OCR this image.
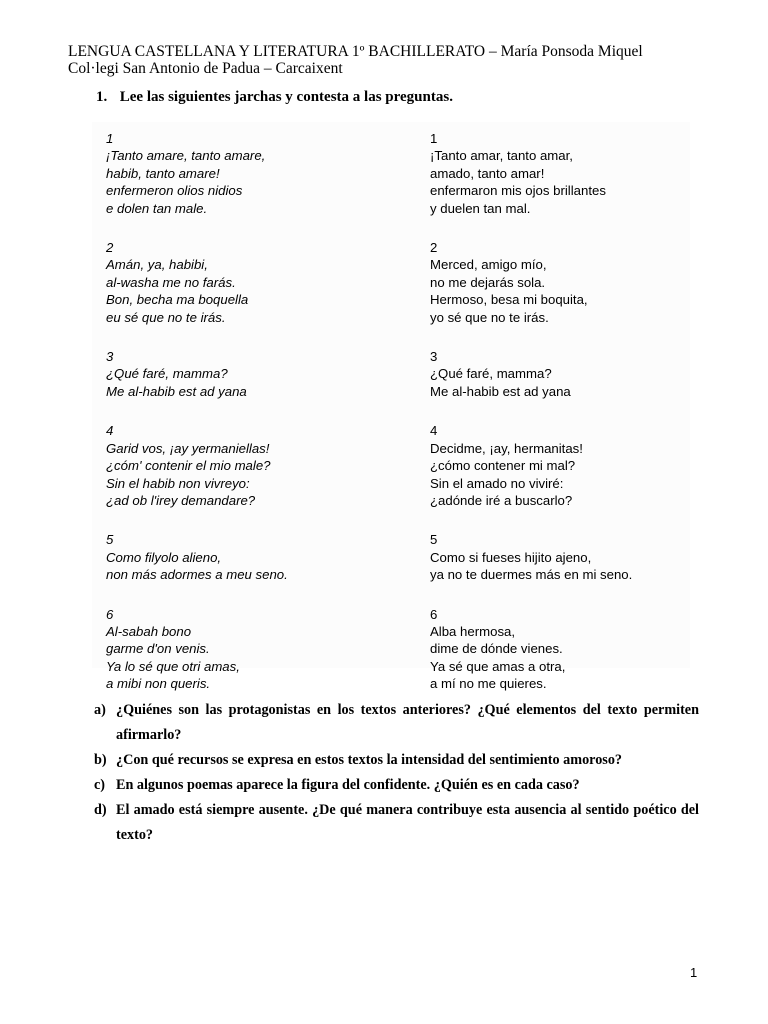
LENGUA CASTELLANA Y LITERATURA 1º BACHILLERATO – María Ponsoda Miquel
Col·legi San Antonio de Padua – Carcaixent
1. Lee las siguientes jarchas y contesta a las preguntas.
1
¡Tanto amare, tanto amare,
habib, tanto amare!
enfermeron olios nidios
e dolen tan male.
2
Amán, ya, habibi,
al-washa me no farás.
Bon, becha ma boquella
eu sé que no te irás.
3
¿Qué faré, mamma?
Me al-habib est ad yana
4
Garid vos, ¡ay yermaniellas!
¿cóm' contenir el mio male?
Sin el habib non vivreyo:
¿ad ob l'irey demandare?
5
Como filyolo alieno,
non más adormes a meu seno.
6
Al-sabah bono
garme d'on venis.
Ya lo sé que otri amas,
a mibi non queris.
1
¡Tanto amar, tanto amar,
amado, tanto amar!
enfermaron mis ojos brillantes
y duelen tan mal.
2
Merced, amigo mío,
no me dejarás sola.
Hermoso, besa mi boquita,
yo sé que no te irás.
3
¿Qué faré, mamma?
Me al-habib est ad yana
4
Decidme, ¡ay, hermanitas!
¿cómo contener mi mal?
Sin el amado no viviré:
¿adónde iré a buscarlo?
5
Como si fueses hijito ajeno,
ya no te duermes más en mi seno.
6
Alba hermosa,
dime de dónde vienes.
Ya sé que amas a otra,
a mí no me quieres.
a) ¿Quiénes son las protagonistas en los textos anteriores? ¿Qué elementos del texto permiten afirmarlo?
b) ¿Con qué recursos se expresa en estos textos la intensidad del sentimiento amoroso?
c) En algunos poemas aparece la figura del confidente. ¿Quién es en cada caso?
d) El amado está siempre ausente. ¿De qué manera contribuye esta ausencia al sentido poético del texto?
1
